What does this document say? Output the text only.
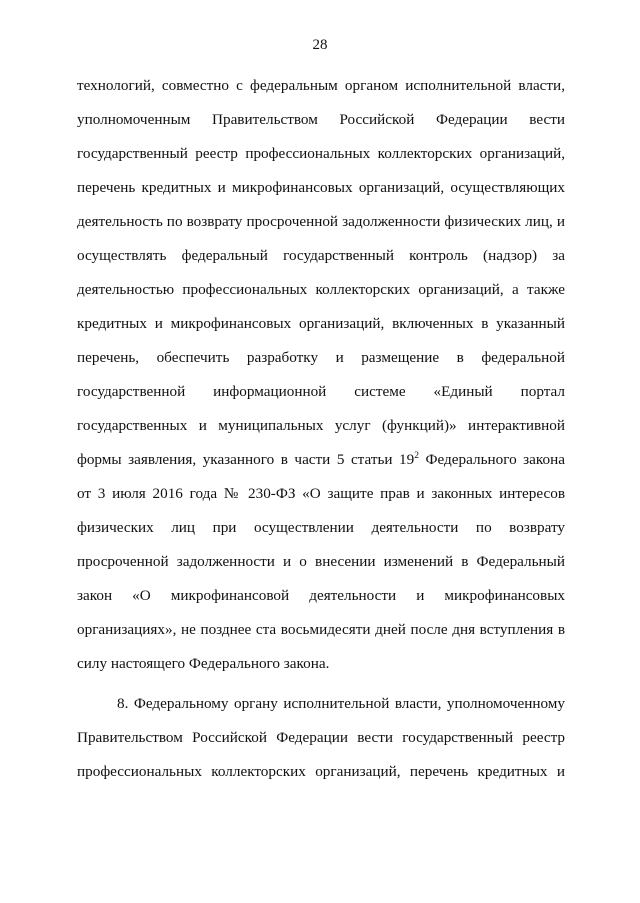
28
технологий, совместно с федеральным органом исполнительной власти,
уполномоченным Правительством Российской Федерации вести
государственный реестр профессиональных коллекторских организаций,
перечень кредитных и микрофинансовых организаций, осуществляющих
деятельность по возврату просроченной задолженности физических лиц, и
осуществлять федеральный государственный контроль (надзор) за
деятельностью профессиональных коллекторских организаций, а также
кредитных и микрофинансовых организаций, включенных в указанный
перечень, обеспечить разработку и размещение в федеральной
государственной информационной системе «Единый портал
государственных и муниципальных услуг (функций)» интерактивной
формы заявления, указанного в части 5 статьи $19^2$ Федерального закона
от 3 июля 2016 года № 230-ФЗ «О защите прав и законных интересов
физических лиц при осуществлении деятельности по возврату
просроченной задолженности и о внесении изменений в Федеральный
закон «О микрофинансовой деятельности и микрофинансовых
организациях», не позднее ста восьмидесяти дней после дня вступления в
силу настоящего Федерального закона.
8. Федеральному органу исполнительной власти, уполномоченному
Правительством Российской Федерации вести государственный реестр
профессиональных коллекторских организаций, перечень кредитных и
